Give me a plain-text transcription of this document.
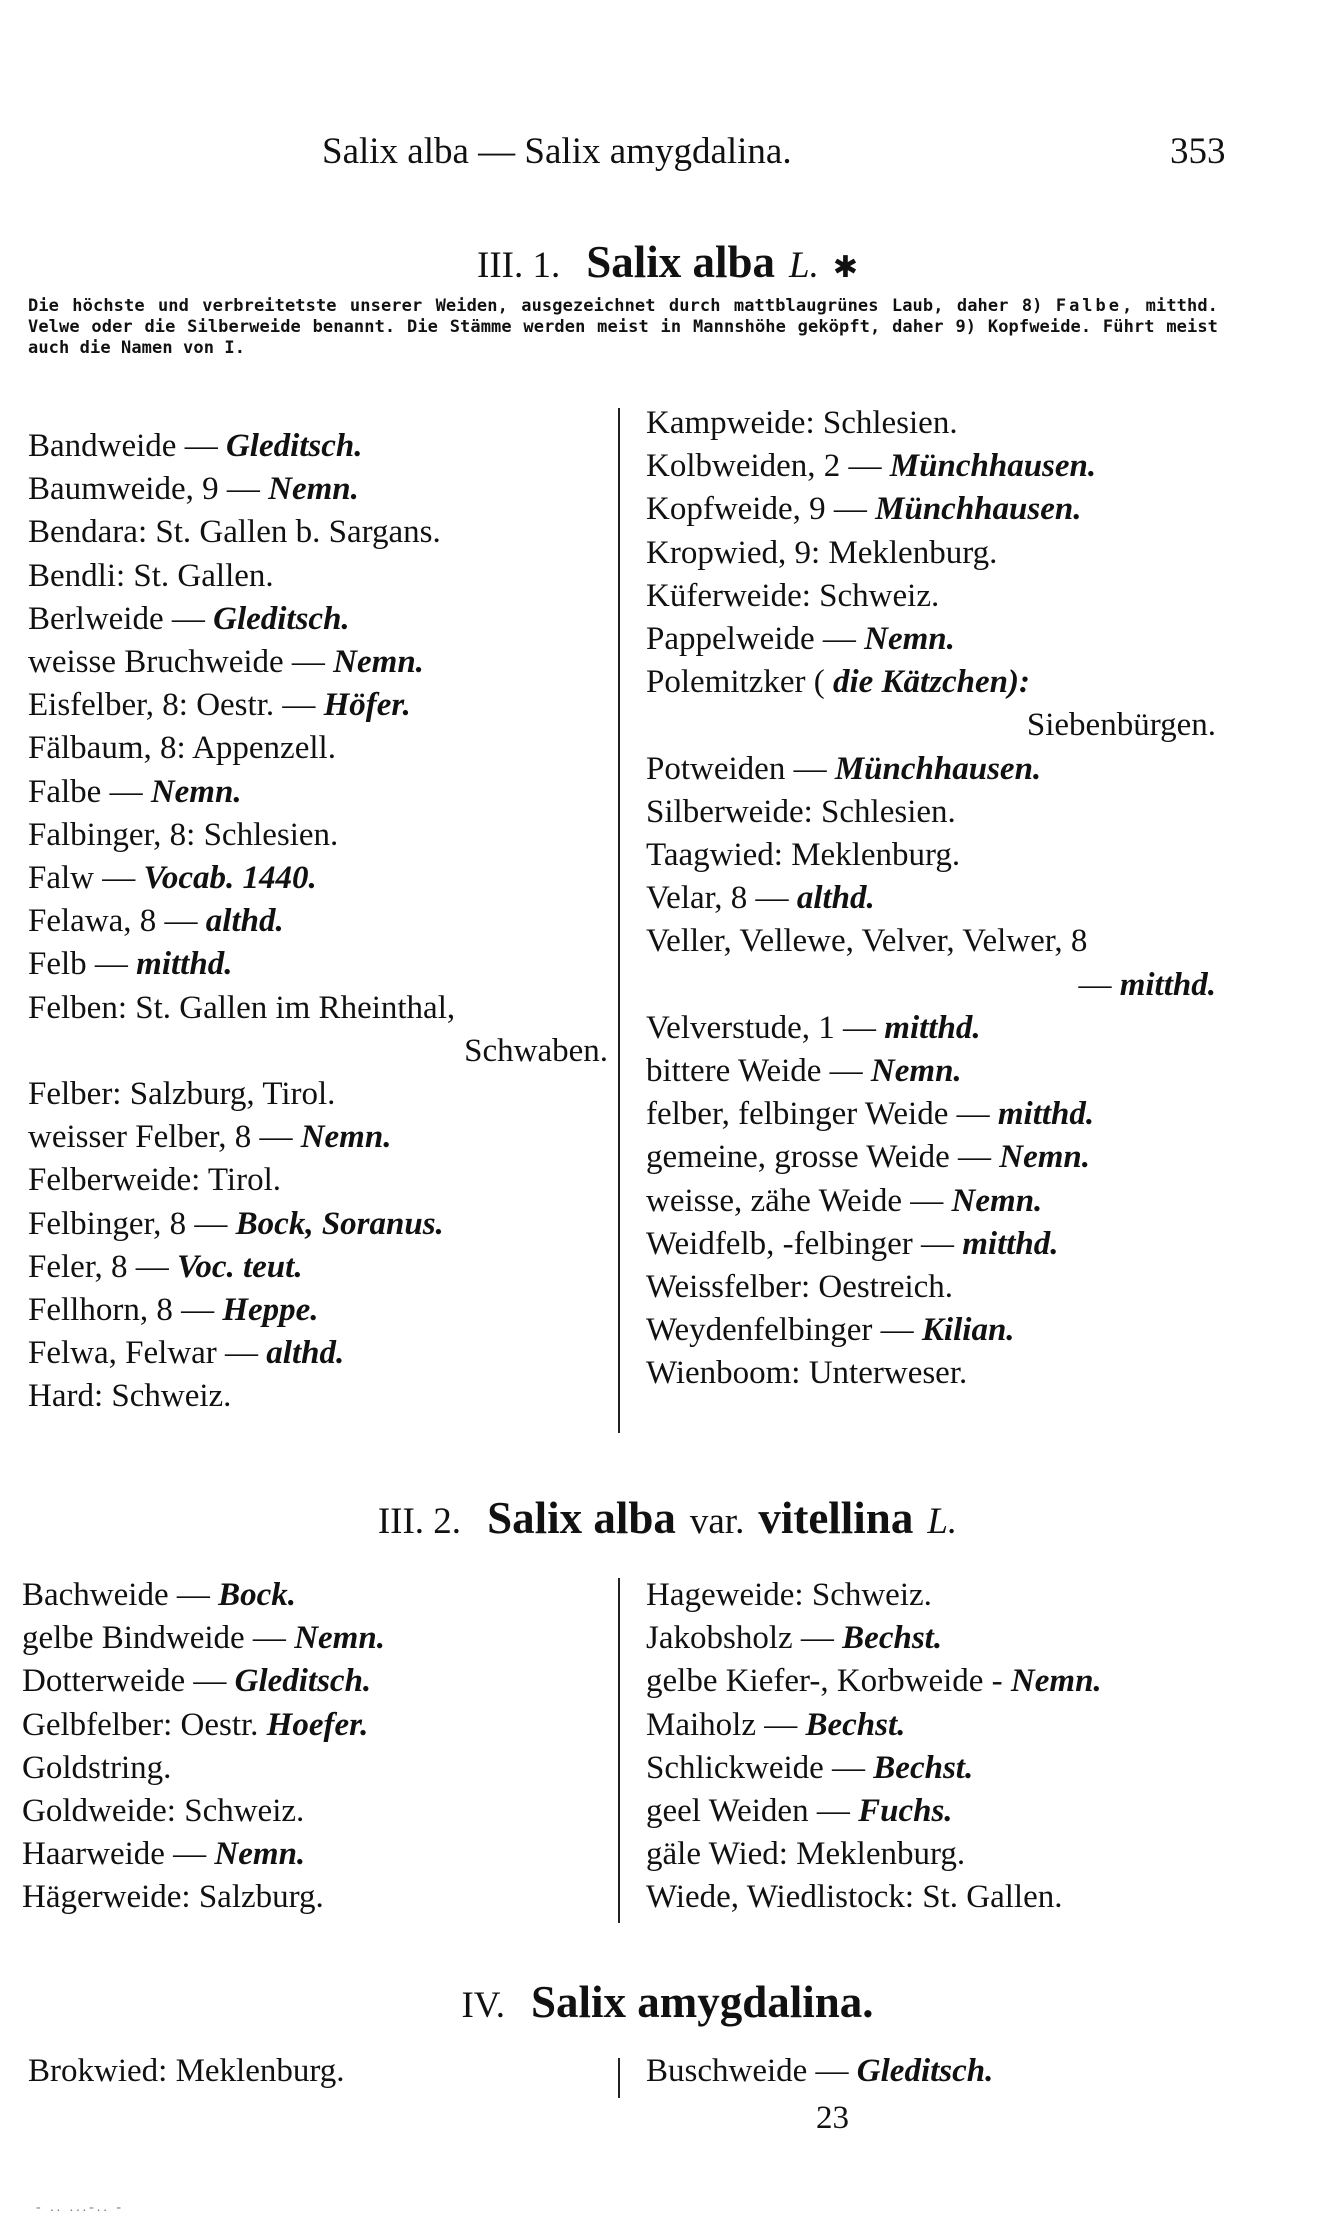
Salix alba — Salix amygdalina.	353
III. 1. Salix alba L. ✱

Die höchste und verbreitetste unserer Weiden, ausgezeichnet durch mattblaugrünes Laub, daher 8) Falbe, mitthd. Velwe oder die Silberweide benannt. Die Stämme werden meist in Mannshöhe geköpft, daher 9) Kopfweide. Führt meist auch die Namen von I.

Bandweide — Gleditsch.
Baumweide, 9 — Nemn.
Bendara: St. Gallen b. Sargans.
Bendli: St. Gallen.
Berlweide — Gleditsch.
weisse Bruchweide — Nemn.
Eisfelber, 8: Oestr. — Höfer.
Fälbaum, 8: Appenzell.
Falbe — Nemn.
Falbinger, 8: Schlesien.
Falw — Vocab. 1440.
Felawa, 8 — althd.
Felb — mitthd.
Felben: St. Gallen im Rheinthal,
Schwaben.
Felber: Salzburg, Tirol.
weisser Felber, 8 — Nemn.
Felberweide: Tirol.
Felbinger, 8 — Bock, Soranus.
Feler, 8 — Voc. teut.
Fellhorn, 8 — Heppe.
Felwa, Felwar — althd.
Hard: Schweiz.
Kampweide: Schlesien.
Kolbweiden, 2 — Münchhausen.
Kopfweide, 9 — Münchhausen.
Kropwied, 9: Meklenburg.
Küferweide: Schweiz.
Pappelweide — Nemn.
Polemitzker ( die Kätzchen):
Siebenbürgen.
Potweiden — Münchhausen.
Silberweide: Schlesien.
Taagwied: Meklenburg.
Velar, 8 — althd.
Veller, Vellewe, Velver, Velwer, 8
— mitthd.
Velverstude, 1 — mitthd.
bittere Weide — Nemn.
felber, felbinger Weide — mitthd.
gemeine, grosse Weide — Nemn.
weisse, zähe Weide — Nemn.
Weidfelb, -felbinger — mitthd.
Weissfelber: Oestreich.
Weydenfelbinger — Kilian.
Wienboom: Unterweser.
III. 2. Salix alba var. vitellina L.
Bachweide — Bock.
gelbe Bindweide — Nemn.
Dotterweide — Gleditsch.
Gelbfelber: Oestr. Hoefer.
Goldstring.
Goldweide: Schweiz.
Haarweide — Nemn.
Hägerweide: Salzburg.
Hageweide: Schweiz.
Jakobsholz — Bechst.
gelbe Kiefer-, Korbweide - Nemn.
Maiholz — Bechst.
Schlickweide — Bechst.
geel Weiden — Fuchs.
gäle Wied: Meklenburg.
Wiede, Wiedlistock: St. Gallen.
IV. Salix amygdalina.
Brokwied: Meklenburg.	Buschweide — Gleditsch.
23
- .. ...-.. -
